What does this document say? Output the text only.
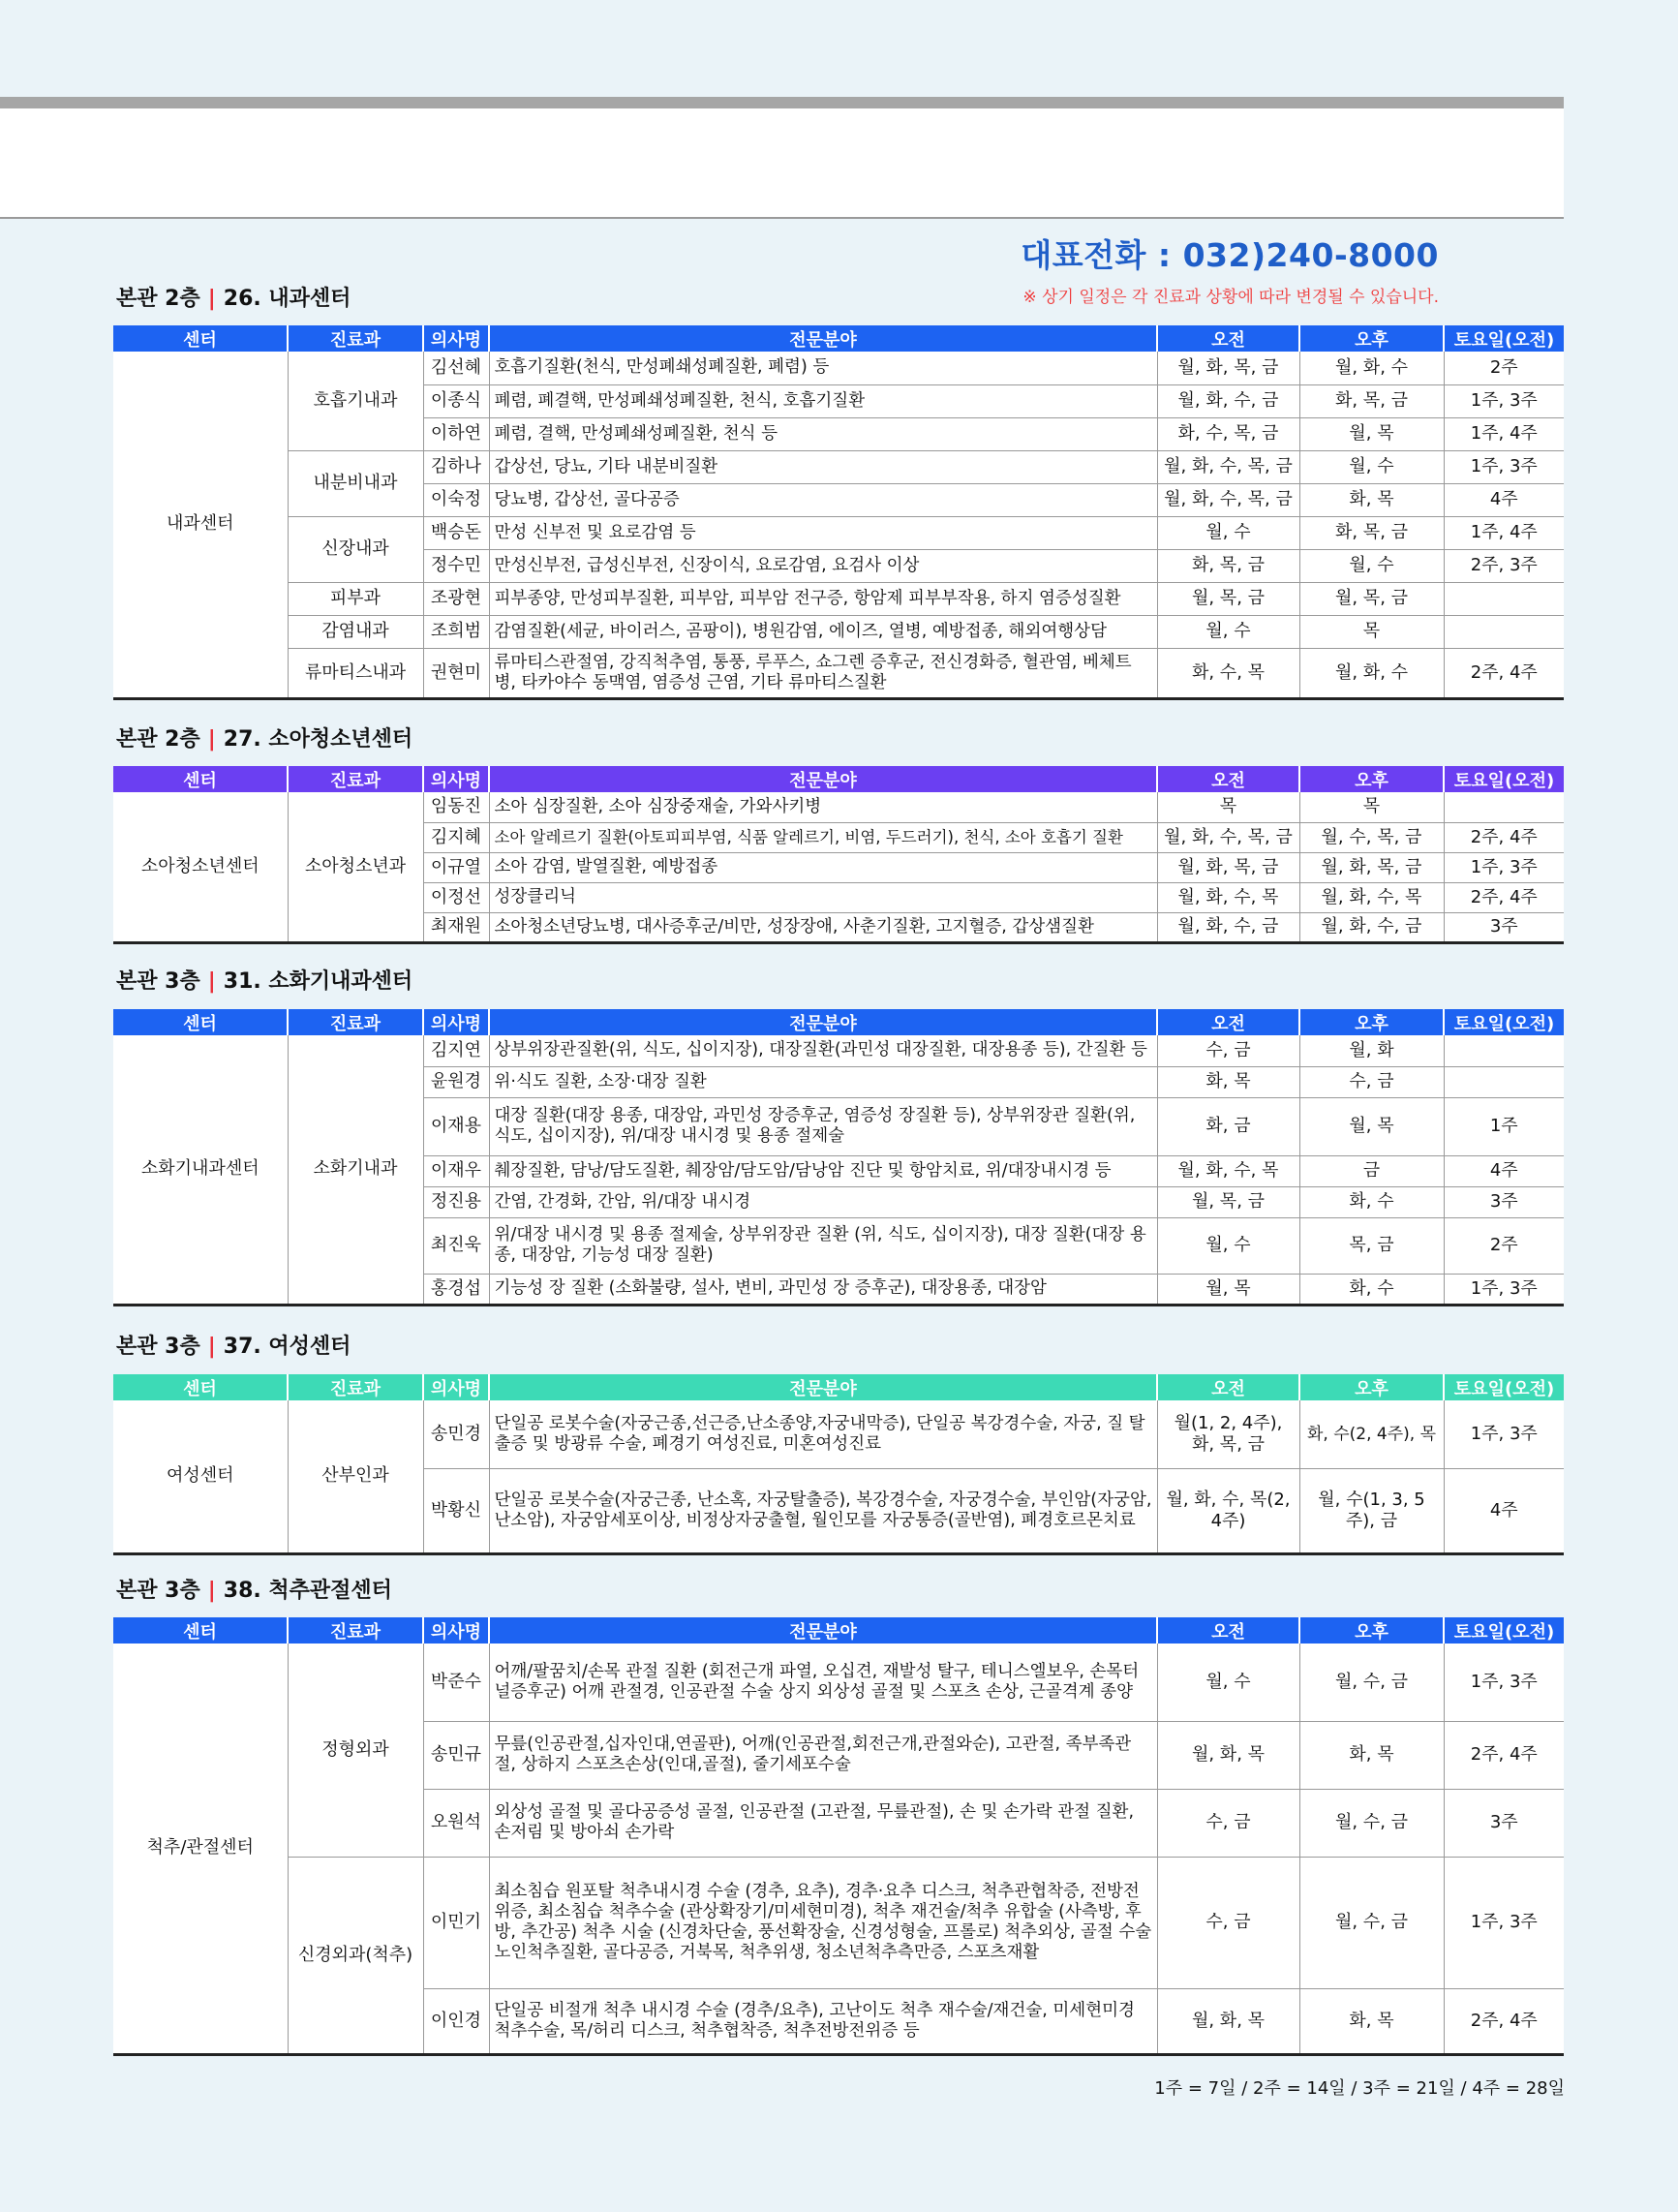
대표전화 : 032)240-8000
※ 상기 일정은 각 진료과 상황에 따라 변경될 수 있습니다.
본관 2층 | 26. 내과센터
센터	진료과	의사명	전문분야	오전	오후	토요일(오전)
내과센터	호흡기내과	김선혜	호흡기질환(천식, 만성폐쇄성폐질환, 폐렴) 등	월, 화, 목, 금	월, 화, 수	2주
		이종식	폐렴, 폐결핵, 만성폐쇄성폐질환, 천식, 호흡기질환	월, 화, 수, 금	화, 목, 금	1주, 3주
		이하연	폐렴, 결핵, 만성폐쇄성폐질환, 천식 등	화, 수, 목, 금	월, 목	1주, 4주
	내분비내과	김하나	갑상선, 당뇨, 기타 내분비질환	월, 화, 수, 목, 금	월, 수	1주, 3주
		이숙정	당뇨병, 갑상선, 골다공증	월, 화, 수, 목, 금	화, 목	4주
	신장내과	백승돈	만성 신부전 및 요로감염 등	월, 수	화, 목, 금	1주, 4주
		정수민	만성신부전, 급성신부전, 신장이식, 요로감염, 요검사 이상	화, 목, 금	월, 수	2주, 3주
	피부과	조광현	피부종양, 만성피부질환, 피부암, 피부암 전구증, 항암제 피부부작용, 하지 염증성질환	월, 목, 금	월, 목, 금	
	감염내과	조희범	감염질환(세균, 바이러스, 곰팡이), 병원감염, 에이즈, 열병, 예방접종, 해외여행상담	월, 수	목	
	류마티스내과	권현미	류마티스관절염, 강직척추염, 통풍, 루푸스, 쇼그렌 증후군, 전신경화증, 혈관염, 베체트병, 타카야수 동맥염, 염증성 근염, 기타 류마티스질환	화, 수, 목	월, 화, 수	2주, 4주
본관 2층 | 27. 소아청소년센터
센터	진료과	의사명	전문분야	오전	오후	토요일(오전)
소아청소년센터	소아청소년과	임동진	소아 심장질환, 소아 심장중재술, 가와사키병	목	목	
		김지혜	소아 알레르기 질환(아토피피부염, 식품 알레르기, 비염, 두드러기), 천식, 소아 호흡기 질환	월, 화, 수, 목, 금	월, 수, 목, 금	2주, 4주
		이규열	소아 감염, 발열질환, 예방접종	월, 화, 목, 금	월, 화, 목, 금	1주, 3주
		이정선	성장클리닉	월, 화, 수, 목	월, 화, 수, 목	2주, 4주
		최재원	소아청소년당뇨병, 대사증후군/비만, 성장장애, 사춘기질환, 고지혈증, 갑상샘질환	월, 화, 수, 금	월, 화, 수, 금	3주
본관 3층 | 31. 소화기내과센터
센터	진료과	의사명	전문분야	오전	오후	토요일(오전)
소화기내과센터	소화기내과	김지연	상부위장관질환(위, 식도, 십이지장), 대장질환(과민성 대장질환, 대장용종 등), 간질환 등	수, 금	월, 화	
		윤원경	위·식도 질환, 소장·대장 질환	화, 목	수, 금	
		이재용	대장 질환(대장 용종, 대장암, 과민성 장증후군, 염증성 장질환 등), 상부위장관 질환(위, 식도, 십이지장), 위/대장 내시경 및 용종 절제술	화, 금	월, 목	1주
		이재우	췌장질환, 담낭/담도질환, 췌장암/담도암/담낭암 진단 및 항암치료, 위/대장내시경 등	월, 화, 수, 목	금	4주
		정진용	간염, 간경화, 간암, 위/대장 내시경	월, 목, 금	화, 수	3주
		최진욱	위/대장 내시경 및 용종 절제술, 상부위장관 질환 (위, 식도, 십이지장), 대장 질환(대장 용종, 대장암, 기능성 대장 질환)	월, 수	목, 금	2주
		홍경섭	기능성 장 질환 (소화불량, 설사, 변비, 과민성 장 증후군), 대장용종, 대장암	월, 목	화, 수	1주, 3주
본관 3층 | 37. 여성센터
센터	진료과	의사명	전문분야	오전	오후	토요일(오전)
여성센터	산부인과	송민경	단일공 로봇수술(자궁근종,선근증,난소종양,자궁내막증), 단일공 복강경수술, 자궁, 질 탈출증 및 방광류 수술, 폐경기 여성진료, 미혼여성진료	월(1, 2, 4주), 화, 목, 금	화, 수(2, 4주), 목	1주, 3주
		박황신	단일공 로봇수술(자궁근종, 난소혹, 자궁탈출증), 복강경수술, 자궁경수술, 부인암(자궁암, 난소암), 자궁암세포이상, 비정상자궁출혈, 월인모를 자궁통증(골반염), 폐경호르몬치료	월, 화, 수, 목(2, 4주)	월, 수(1, 3, 5주), 금	4주
본관 3층 | 38. 척추관절센터
센터	진료과	의사명	전문분야	오전	오후	토요일(오전)
척추/관절센터	정형외과	박준수	어깨/팔꿈치/손목 관절 질환 (회전근개 파열, 오십견, 재발성 탈구, 테니스엘보우, 손목터널증후군) 어깨 관절경, 인공관절 수술 상지 외상성 골절 및 스포츠 손상, 근골격계 종양	월, 수	월, 수, 금	1주, 3주
		송민규	무릎(인공관절,십자인대,연골판), 어깨(인공관절,회전근개,관절와순), 고관절, 족부족관절, 상하지 스포츠손상(인대,골절), 줄기세포수술	월, 화, 목	화, 목	2주, 4주
		오원석	외상성 골절 및 골다공증성 골절, 인공관절 (고관절, 무릎관절), 손 및 손가락 관절 질환, 손저림 및 방아쇠 손가락	수, 금	월, 수, 금	3주
	신경외과(척추)	이민기	최소침습 원포탈 척추내시경 수술 (경추, 요추), 경추·요추 디스크, 척추관협착증, 전방전위증, 최소침습 척추수술 (관상확장기/미세현미경), 척추 재건술/척추 유합술 (사측방, 후방, 추간공) 척추 시술 (신경차단술, 풍선확장술, 신경성형술, 프롤로) 척추외상, 골절 수술 노인척추질환, 골다공증, 거북목, 척추위생, 청소년척추측만증, 스포츠재활	수, 금	월, 수, 금	1주, 3주
		이인경	단일공 비절개 척추 내시경 수술 (경추/요추), 고난이도 척추 재수술/재건술, 미세현미경 척추수술, 목/허리 디스크, 척추협착증, 척추전방전위증 등	월, 화, 목	화, 목	2주, 4주
1주 = 7일 / 2주 = 14일 / 3주 = 21일 / 4주 = 28일
